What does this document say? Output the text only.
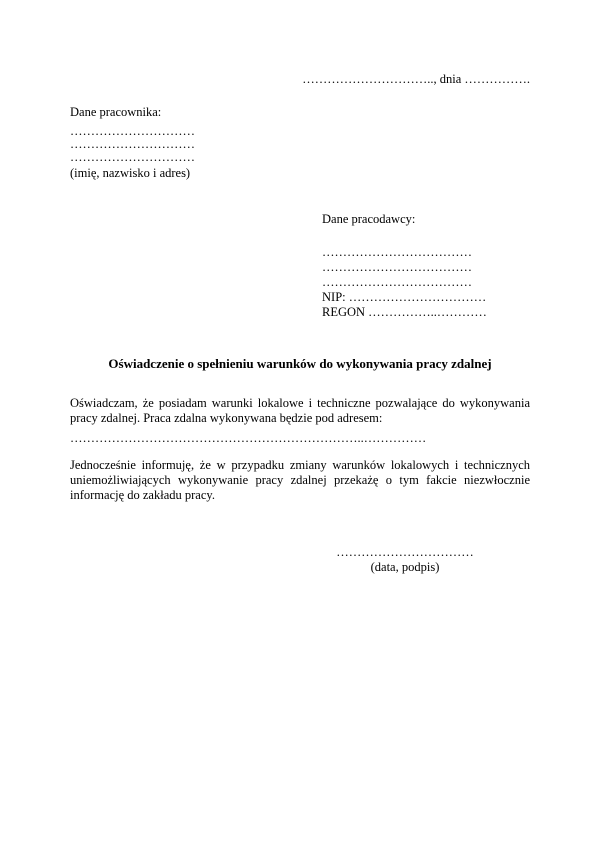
………………………….., dnia …………….
Dane pracownika:
…………………………
…………………………
…………………………
(imię, nazwisko i adres)
Dane pracodawcy:
………………………………
………………………………
………………………………
NIP: ……………………………
REGON ……………..…………
Oświadczenie o spełnieniu warunków do wykonywania pracy zdalnej
Oświadczam, że posiadam warunki lokalowe i techniczne pozwalające do wykonywania pracy zdalnej. Praca zdalna wykonywana będzie pod adresem:
……………………………………………………………..……………
Jednocześnie informuję, że w przypadku zmiany warunków lokalowych i technicznych uniemożliwiających wykonywanie pracy zdalnej przekażę o tym fakcie niezwłocznie informację do zakładu pracy.
……………………………
(data, podpis)
